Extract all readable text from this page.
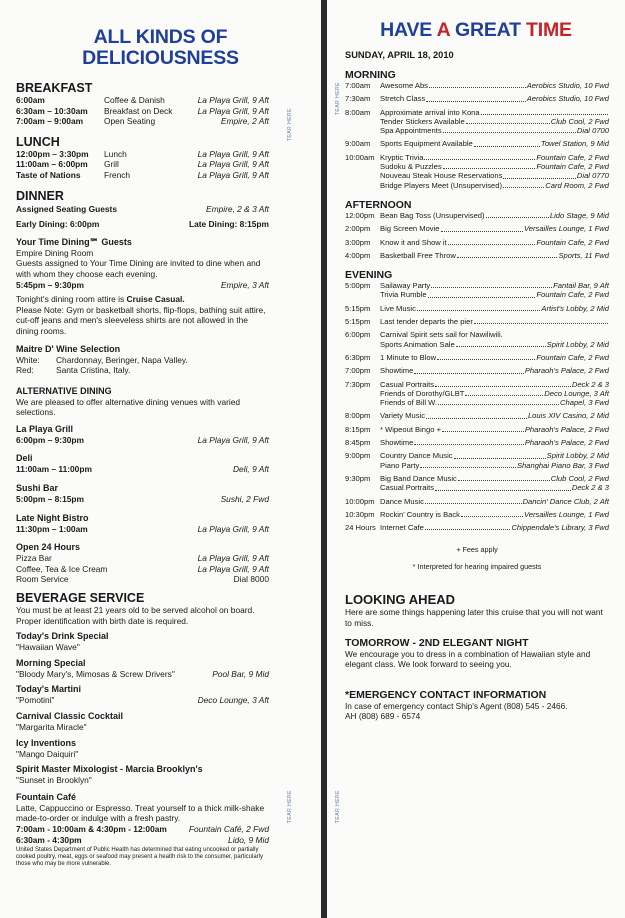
TEAR HERE
TEAR HERE
ALL KINDS OF
DELICIOUSNESS
BREAKFAST
6:00am	Coffee & Danish	La Playa Grill, 9 Aft
6:30am – 10:30am	Breakfast on Deck	La Playa Grill, 9 Aft
7:00am – 9:00am	Open Seating	Empire, 2 Aft
LUNCH
12:00pm – 3:30pm	Lunch	La Playa Grill, 9 Aft
11:00am – 6:00pm	Grill	La Playa Grill, 9 Aft
Taste of Nations	French	La Playa Grill, 9 Aft
DINNER
Assigned Seating Guests	Empire, 2 & 3 Aft
Early Dining: 6:00pm	Late Dining: 8:15pm
Your Time Dining℠ Guests
Empire Dining Room
Guests assigned to Your Time Dining are invited to dine when and with whom they choose each evening.
5:45pm – 9:30pm	Empire, 3 Aft
Tonight's dining room attire is Cruise Casual.
Please Note: Gym or basketball shorts, flip-flops, bathing suit attire, cut-off jeans and men's sleeveless shirts are not allowed in the dining rooms.
Maitre D' Wine Selection
White:	Chardonnay, Beringer, Napa Valley.
Red:	Santa Cristina, Italy.
ALTERNATIVE DINING
We are pleased to offer alternative dining venues with varied selections.
La Playa Grill
6:00pm – 9:30pm	La Playa Grill, 9 Aft
Deli
11:00am – 11:00pm	Deli, 9 Aft
Sushi Bar
5:00pm – 8:15pm	Sushi, 2 Fwd
Late Night Bistro
11:30pm – 1:00am	La Playa Grill, 9 Aft
Open 24 Hours
Pizza Bar	La Playa Grill, 9 Aft
Coffee, Tea & Ice Cream	La Playa Grill, 9 Aft
Room Service	Dial 8000
BEVERAGE SERVICE
You must be at least 21 years old to be served alcohol on board. Proper identification with birth date is required.
Today's Drink Special
"Hawaiian Wave"
Morning Special
"Bloody Mary's, Mimosas & Screw Drivers"	Pool Bar, 9 Mid
Today's Martini
"Pomotini"	Deco Lounge, 3 Aft
Carnival Classic Cocktail
"Margarita Miracle"
Icy Inventions
"Mango Daiquiri"
Spirit Master Mixologist - Marcia Brooklyn's
"Sunset in Brooklyn"
Fountain Café
Latte, Cappuccino or Espresso. Treat yourself to a thick milk-shake made-to-order or indulge with a fresh pastry.
7:00am - 10:00am & 4:30pm - 12:00am	Fountain Café, 2 Fwd
6:30am - 4:30pm	Lido, 9 Mid
United States Department of Public Health has determined that eating uncooked or partially cooked poultry, meat, eggs or seafood may present a health risk to the consumer, particularly those who may be more vulnerable.
TEAR HERE
TEAR HERE
HAVE A GREAT TIME
SUNDAY, APRIL 18, 2010
MORNING
7:00am	Awesome Abs	Aerobics Studio, 10 Fwd
7:30am	Stretch Class	Aerobics Studio, 10 Fwd
8:00am	Approximate arrival into Kona
Tender Stickers Available	Club Cool, 2 Fwd
Spa Appointments	Dial 0700
9:00am	Sports Equipment Available	Towel Station, 9 Mid
10:00am Kryptic Trivia	Fountain Cafe, 2 Fwd
Sudoku & Puzzles	Fountain Cafe, 2 Fwd
Nouveau Steak House Reservations	Dial 0770
Bridge Players Meet (Unsupervised)	Card Room, 2 Fwd
AFTERNOON
12:00pm Bean Bag Toss (Unsupervised)	Lido Stage, 9 Mid
2:00pm	Big Screen Movie	Versailles Lounge, 1 Fwd
3:00pm	Know it and Show it	Fountain Cafe, 2 Fwd
4:00pm	Basketball Free Throw	Sports, 11 Fwd
EVENING
5:00pm	Sailaway Party	Fantail Bar, 9 Aft
Trivia Rumble	Fountain Cafe, 2 Fwd
5:15pm	Live Music	Artist's Lobby, 2 Mid
5:15pm	Last tender departs the pier
6:00pm	Carnival Spirit sets sail for Nawiliwili.
Sports Animation Sale	Spirit Lobby, 2 Mid
6:30pm	1 Minute to Blow	Fountain Cafe, 2 Fwd
7:00pm	Showtime	Pharaoh's Palace, 2 Fwd
7:30pm	Casual Portraits	Deck 2 & 3
Friends of Dorothy/GLBT	Deco Lounge, 3 Aft
Friends of Bill W.	Chapel, 3 Fwd
8:00pm	Variety Music	Louis XIV Casino, 2 Mid
8:15pm	* Wipeout Bingo +	Pharaoh's Palace, 2 Fwd
8:45pm	Showtime	Pharaoh's Palace, 2 Fwd
9:00pm	Country Dance Music	Spirit Lobby, 2 Mid
Piano Party	Shanghai Piano Bar, 3 Fwd
9:30pm	Big Band Dance Music	Club Cool, 2 Fwd
Casual Portraits	Deck 2 & 3
10:00pm Dance Music	Dancin' Dance Club, 2 Aft
10:30pm Rockin' Country is Back	Versailles Lounge, 1 Fwd
24 Hours Internet Cafe	Chippendale's Library, 3 Fwd
+ Fees apply
* Interpreted for hearing impaired guests
LOOKING AHEAD
Here are some things happening later this cruise that you will not want to miss.
TOMORROW - 2ND ELEGANT NIGHT
We encourage you to dress in a combination of Hawaiian style and elegant class. We look forward to seeing you.
*EMERGENCY CONTACT INFORMATION
In case of emergency contact Ship's Agent (808) 545 - 2466.
AH (808) 689 - 6574
